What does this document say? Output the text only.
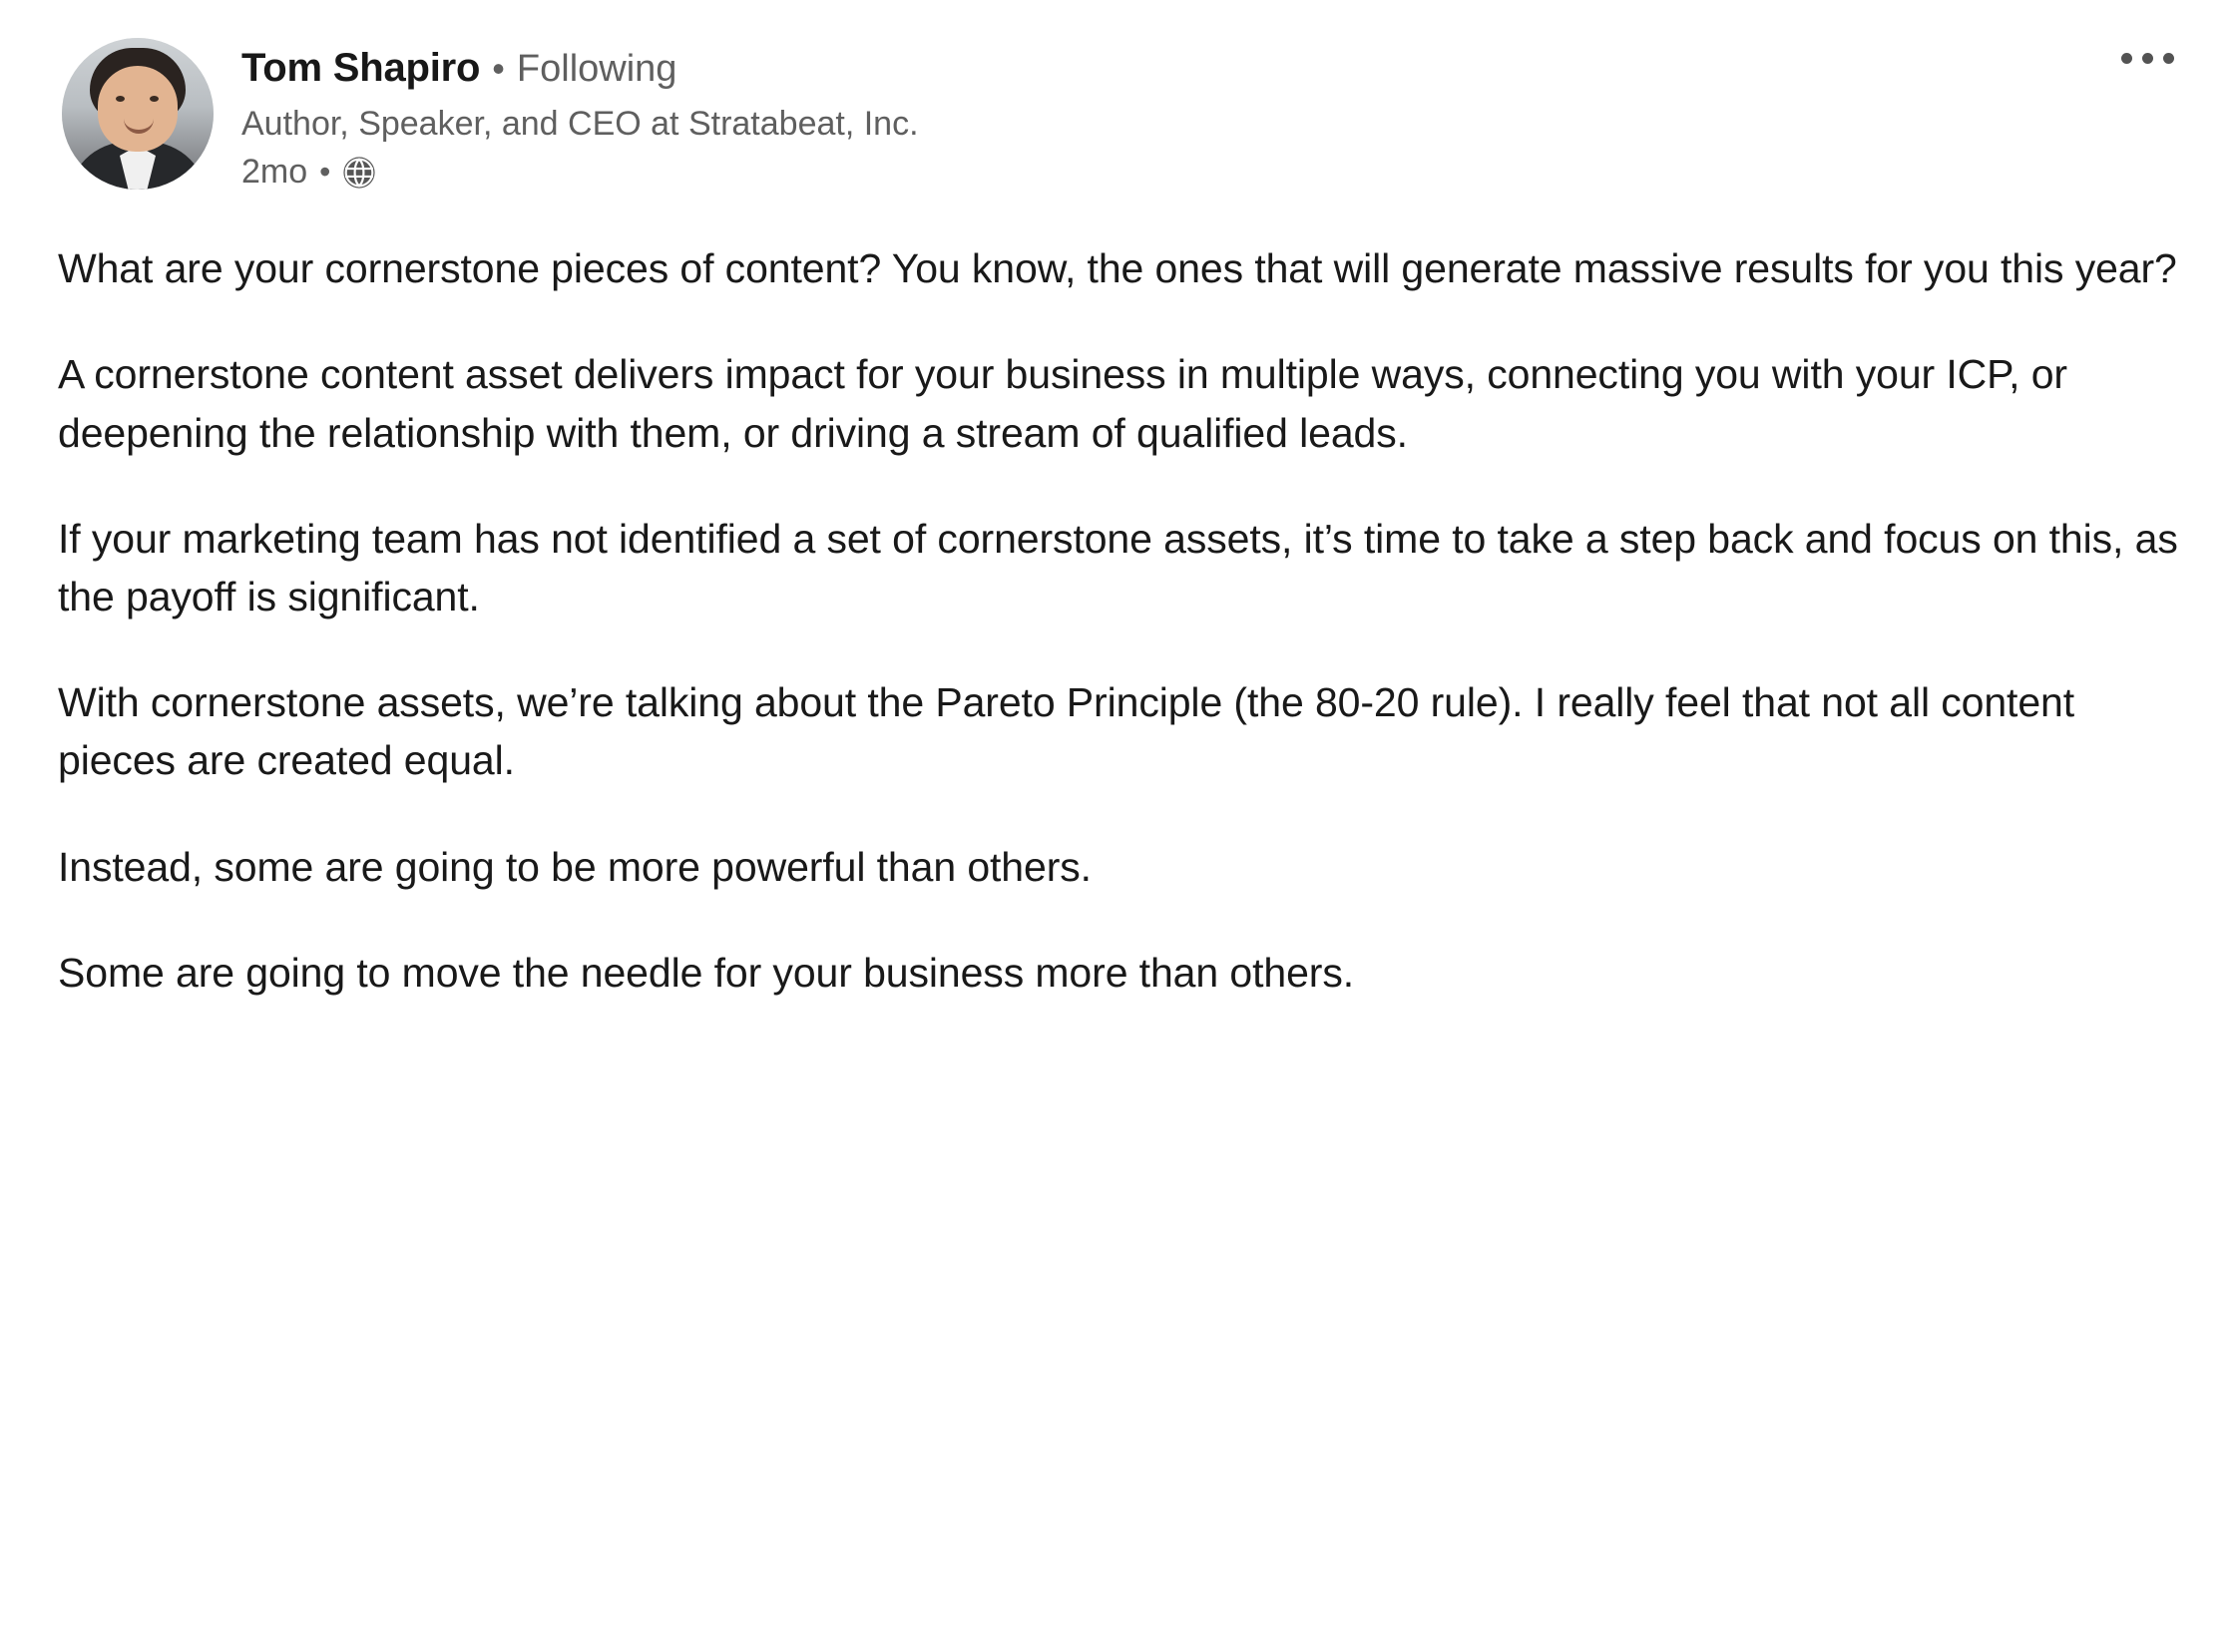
Tom Shapiro • Following
Author, Speaker, and CEO at Stratabeat, Inc.
2mo •

What are your cornerstone pieces of content? You know, the ones that will generate massive results for you this year?

A cornerstone content asset delivers impact for your business in multiple ways, connecting you with your ICP, or deepening the relationship with them, or driving a stream of qualified leads.

If your marketing team has not identified a set of cornerstone assets, it’s time to take a step back and focus on this, as the payoff is significant.

With cornerstone assets, we’re talking about the Pareto Principle (the 80-20 rule). I really feel that not all content pieces are created equal.

Instead, some are going to be more powerful than others.

Some are going to move the needle for your business more than others.
